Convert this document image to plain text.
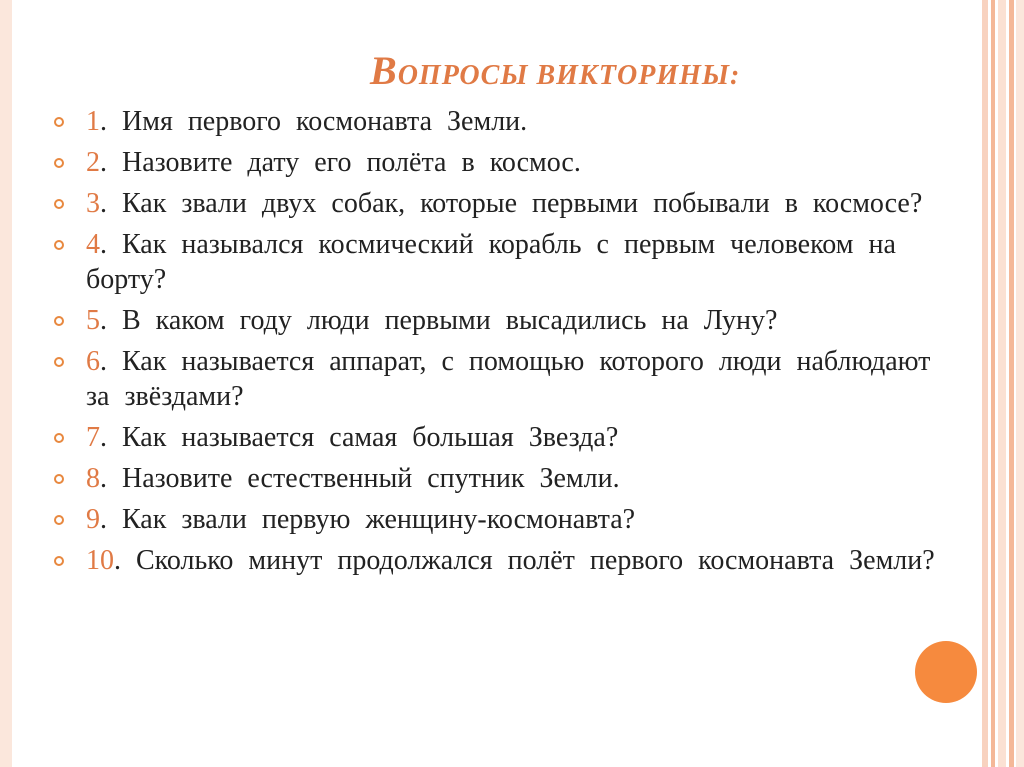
ВОПРОСЫ ВИКТОРИНЫ:
1. Имя первого космонавта Земли.
2. Назовите дату его полёта в космос.
3. Как звали двух собак, которые первыми побывали в космосе?
4. Как назывался космический корабль с первым человеком на борту?
5. В каком году люди первыми высадились на Луну?
6. Как называется аппарат, с помощью которого люди наблюдают за звёздами?
7. Как называется самая большая Звезда?
8. Назовите естественный спутник Земли.
9. Как звали первую женщину-космонавта?
10. Сколько минут продолжался полёт первого космонавта Земли?
